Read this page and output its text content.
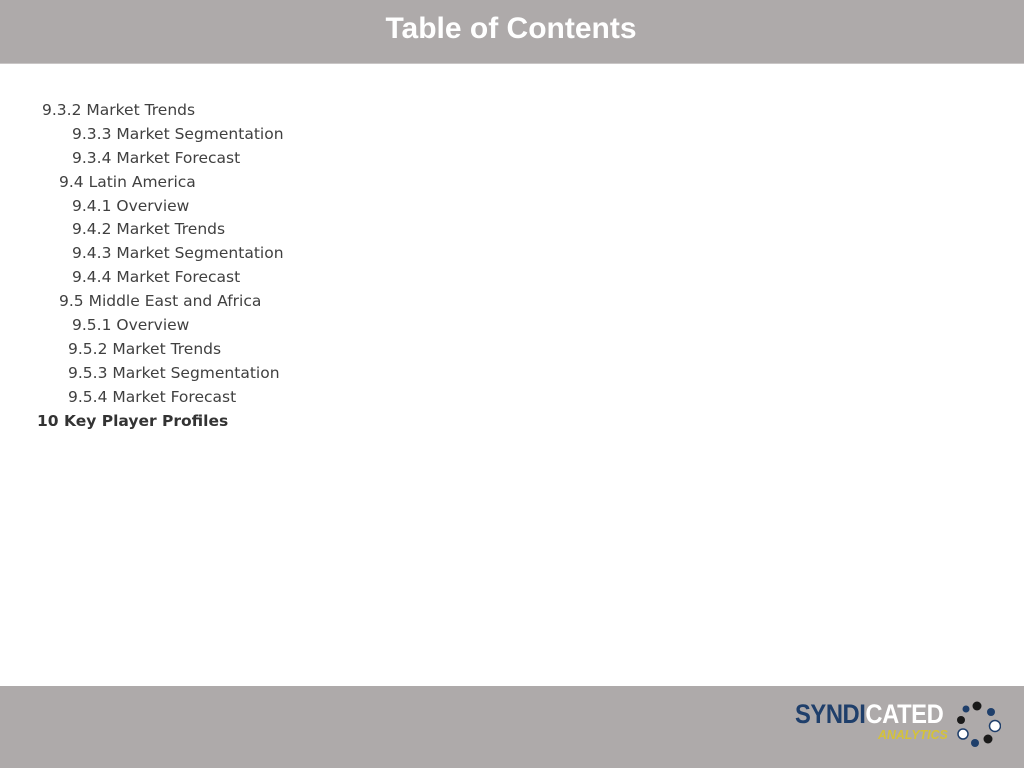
Table of Contents
9.3.2 Market Trends
9.3.3 Market Segmentation
9.3.4 Market Forecast
9.4 Latin America
9.4.1 Overview
9.4.2 Market Trends
9.4.3 Market Segmentation
9.4.4 Market Forecast
9.5 Middle East and Africa
9.5.1 Overview
9.5.2 Market Trends
9.5.3 Market Segmentation
9.5.4 Market Forecast
10 Key Player Profiles
SYNDICATED
ANALYTICS
